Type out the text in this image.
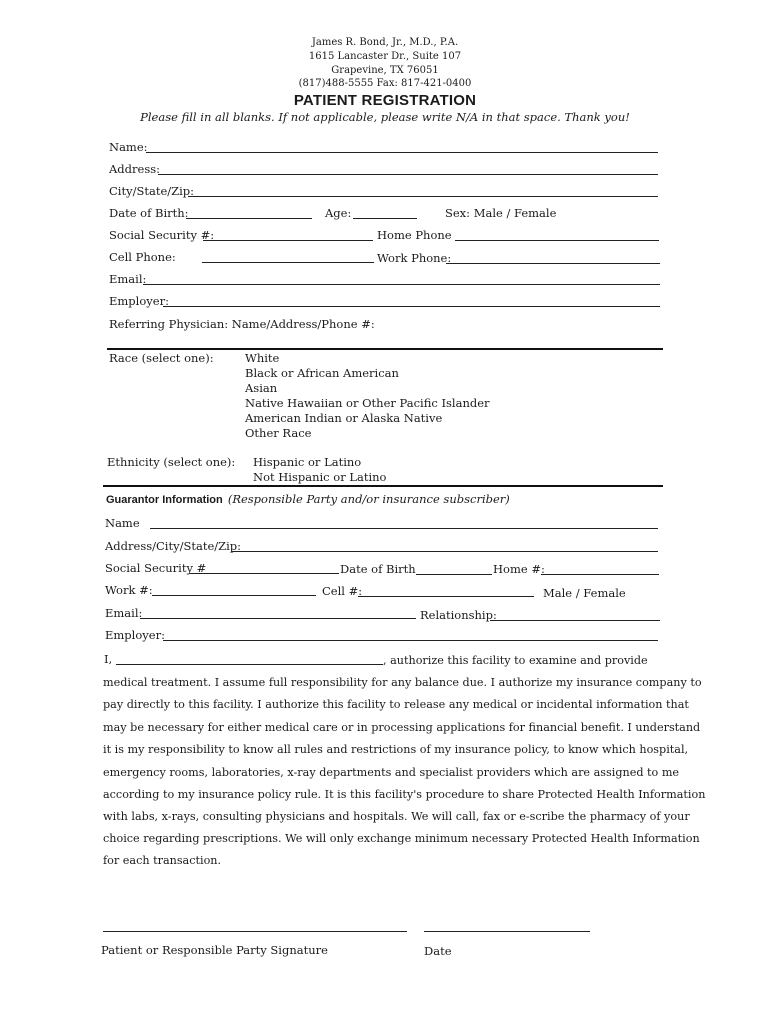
James R. Bond, Jr., M.D., P.A.
1615 Lancaster Dr., Suite 107
Grapevine, TX 76051
(817)488-5555 Fax: 817-421-0400
PATIENT REGISTRATION
Please fill in all blanks. If not applicable, please write N/A in that space. Thank you!
Name:
Address:
City/State/Zip:
Date of Birth:	Age:	Sex: Male / Female
Social Security #:	Home Phone
Cell Phone:	Work Phone:
Email:
Employer:
Referring Physician: Name/Address/Phone #:
Race (select one):	White
Black or African American
Asian
Native Hawaiian or Other Pacific Islander
American Indian or Alaska Native
Other Race
Ethnicity (select one): Hispanic or Latino
Not Hispanic or Latino
Guarantor Information (Responsible Party and/or insurance subscriber)
Name
Address/City/State/Zip:
Social Security #	Date of Birth	Home #:
Work #:	Cell #:	Male / Female
Email:	Relationship:
Employer:
I,	, authorize this facility to examine and provide
medical treatment. I assume full responsibility for any balance due. I authorize my insurance company to
pay directly to this facility. I authorize this facility to release any medical or incidental information that
may be necessary for either medical care or in processing applications for financial benefit. I understand
it is my responsibility to know all rules and restrictions of my insurance policy, to know which hospital,
emergency rooms, laboratories, x-ray departments and specialist providers which are assigned to me
according to my insurance policy rule. It is this facility's procedure to share Protected Health Information
with labs, x-rays, consulting physicians and hospitals. We will call, fax or e-scribe the pharmacy of your
choice regarding prescriptions. We will only exchange minimum necessary Protected Health Information
for each transaction.
Patient or Responsible Party Signature	Date
